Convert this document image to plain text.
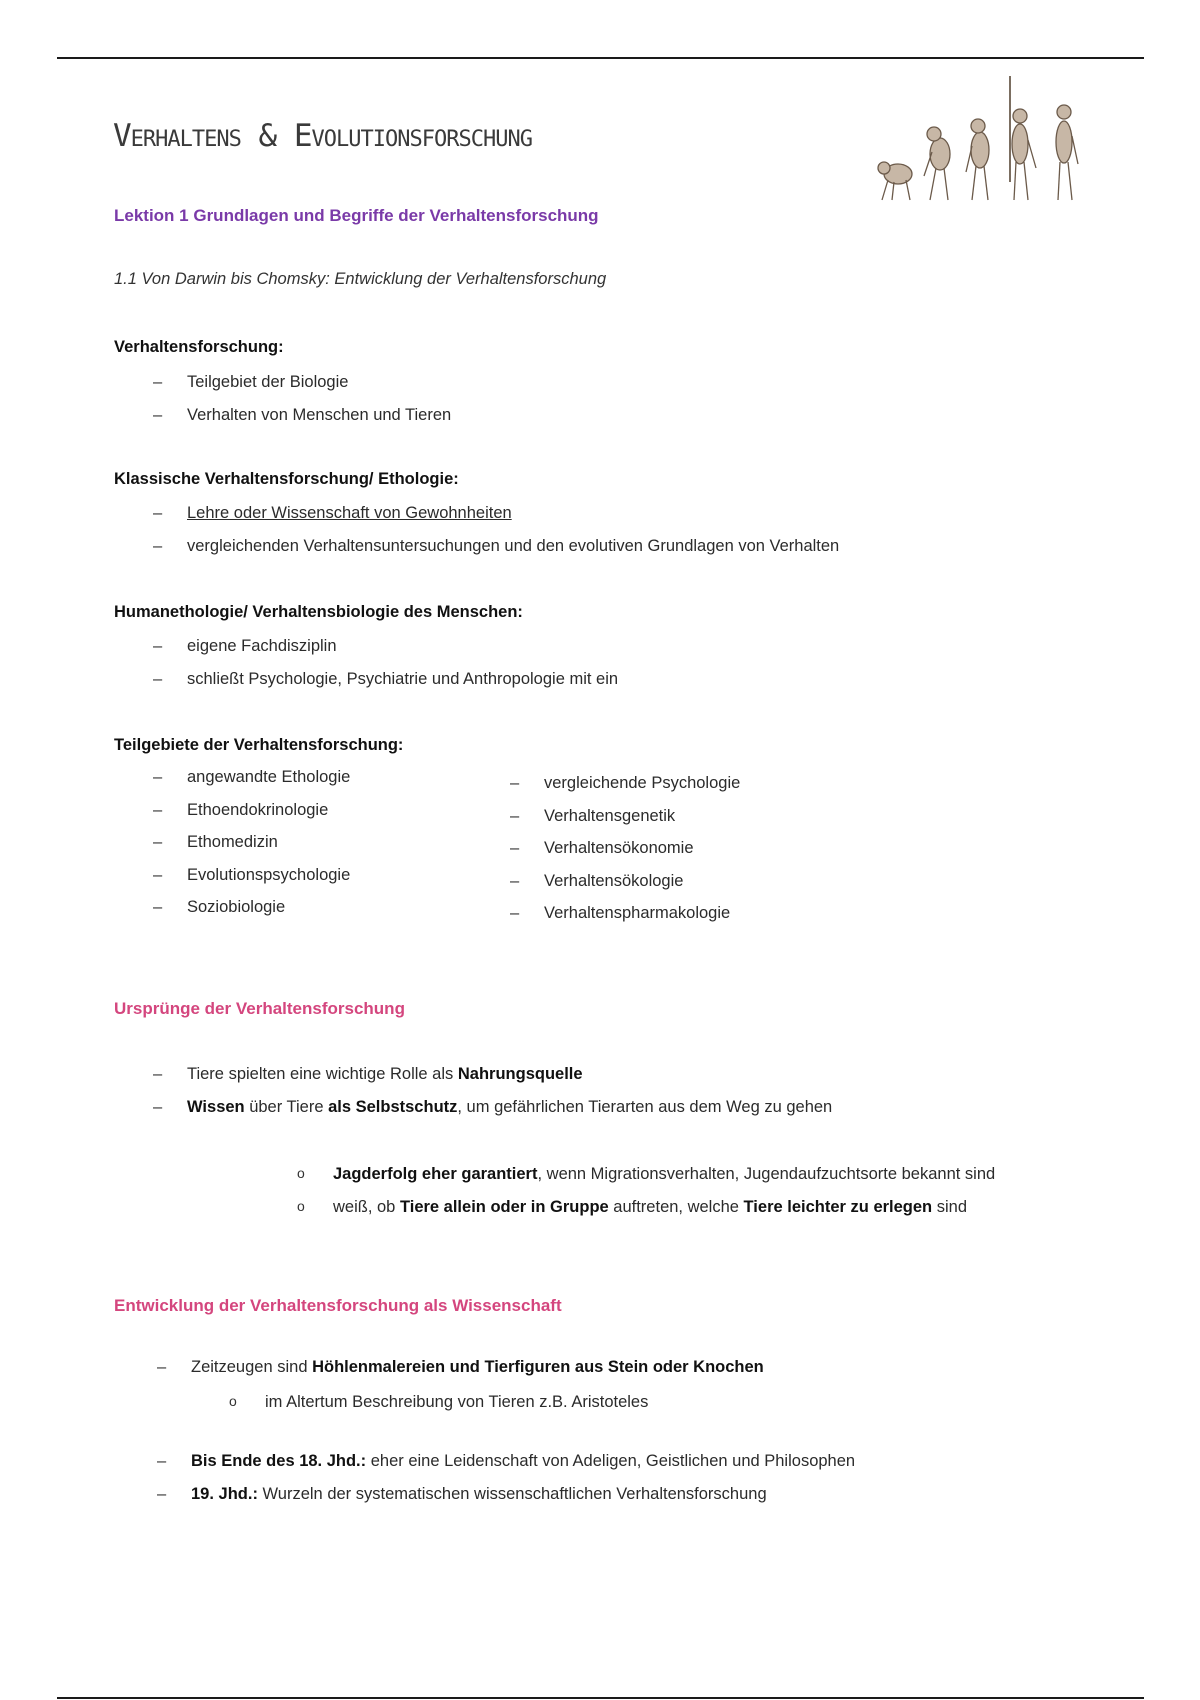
Verhaltens & Evolutionsforschung
Lektion 1 Grundlagen und Begriffe der Verhaltensforschung
1.1 Von Darwin bis Chomsky: Entwicklung der Verhaltensforschung
Verhaltensforschung:
– Teilgebiet der Biologie
– Verhalten von Menschen und Tieren
Klassische Verhaltensforschung/ Ethologie:
– Lehre oder Wissenschaft von Gewohnheiten
– vergleichenden Verhaltensuntersuchungen und den evolutiven Grundlagen von Verhalten
Humanethologie/ Verhaltensbiologie des Menschen:
– eigene Fachdisziplin
– schließt Psychologie, Psychiatrie und Anthropologie mit ein
Teilgebiete der Verhaltensforschung:
– angewandte Ethologie
– Ethoendokrinologie
– Ethomedizin
– Evolutionspsychologie
– Soziobiologie
– vergleichende Psychologie
– Verhaltensgenetik
– Verhaltensökonomie
– Verhaltensökologie
– Verhaltenspharmakologie
Ursprünge der Verhaltensforschung
– Tiere spielten eine wichtige Rolle als Nahrungsquelle
– Wissen über Tiere als Selbstschutz, um gefährlichen Tierarten aus dem Weg zu gehen
o Jagderfolg eher garantiert, wenn Migrationsverhalten, Jugendaufzuchtsorte bekannt sind
o weiß, ob Tiere allein oder in Gruppe auftreten, welche Tiere leichter zu erlegen sind
Entwicklung der Verhaltensforschung als Wissenschaft
– Zeitzeugen sind Höhlenmalereien und Tierfiguren aus Stein oder Knochen
o im Altertum Beschreibung von Tieren z.B. Aristoteles
– Bis Ende des 18. Jhd.: eher eine Leidenschaft von Adeligen, Geistlichen und Philosophen
– 19. Jhd.: Wurzeln der systematischen wissenschaftlichen Verhaltensforschung
